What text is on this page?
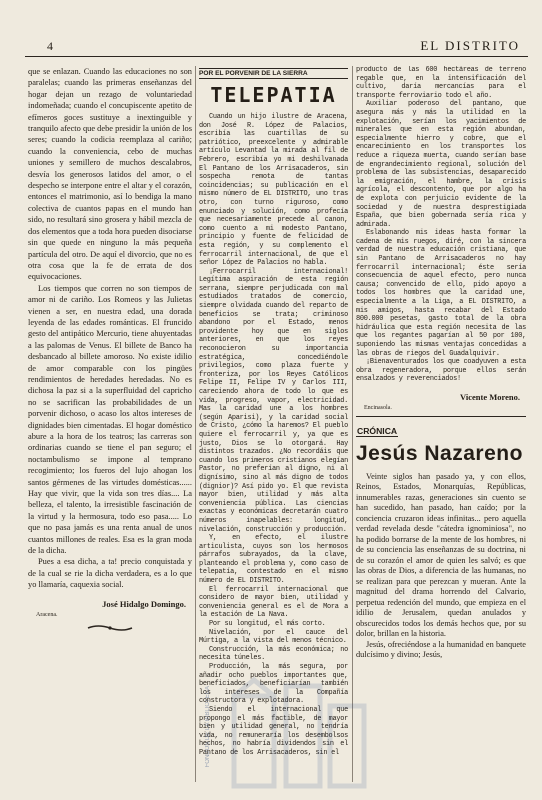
4	EL DISTRITO

que se enlazan. Cuando las educaciones no son paralelas; cuando las primeras enseñanzas del hogar dejan un rezago de voluntariedad indomeñada; cuando el concupiscente apetito de efímeros goces sustituye a inextinguible y tranquilo afecto que debe presidir la unión de los seres; cuando la codicia reemplaza al cariño; cuando la conveniencia, cebo de muchas uniones y semillero de muchos descalabros, desvía los generosos latidos del amor, o el despecho se interpone entre el altar y el corazón, entonces el matrimonio, así lo bendiga la mano colectiva de cuantos papas en el mundo han sido, no resultará sino grosera y hábil mezcla de dos elementos que a toda hora pueden disociarse sin que quede en ninguno la más pequeña partícula del otro. De aquí el divorcio, que no es otra cosa que la fe de errata de dos equivocaciones.

Los tiempos que corren no son tiempos de amor ni de cariño. Los Romeos y las Julietas vienen a ser, en nuestra edad, una dorada leyenda de las edades románticas. El fruncido gesto del antipático Mercurio, tiene ahuyentadas a las palomas de Venus. El billete de Banco ha desbancado al billete amoroso. No existe idilio de amor comparable con los pingües rendimientos de heredades heredadas. No es dichosa la paz si a la superfluidad del capricho no se sacrifican las probabilidades de un porvenir dichoso, o acaso los altos intereses de dignidades bien cimentadas. El hogar doméstico abure a la hora de los teatros; las carreras son ordinarias cuando se tiene el pan seguro; el noctambulismo se impone al temprano recogimiento; los fueros del lujo ahogan los santos gérmenes de las virtudes domésticas...... Hay que vivir, que la vida son tres días.... La belleza, el talento, la irresistible fascinación de la virtud y la hermosura, todo eso pasa..... Lo que no pasa jamás es una renta anual de unos cuantos millones de reales. Esa es la gran moda de la dicha.

Pues a esa dicha, a ta! precio conquistada y de la cual se rie la dicha verdadera, es a lo que yo llamaría, caquexia social.

José Hidalgo Domingo.
Aracena.
POR EL PORVENIR DE LA SIERRA
TELEPATIA

Cuando un hijo ilustre de Aracena, don José R. López de Palacios, escribía las cuartillas de su patriótico, preexcelente y admirable artículo Levantad la mirada al fil de Febrero, escribía yo mi deshilvanada El Pantano de los Arrisacaderos, sin sospecha remota de tantas coincidencias; su publicación en el mismo número de EL DISTRITO, uno tras otro, con turno riguroso, como enunciado y solución, como profecía que necesariamente precede al canon, como cuento a mi modesto Pantano, principio y fuente de felicidad de esta región, y su complemento el ferrocarril internacional, de que el señor López de Palacios no habla.

¡Ferrocarril internacional! Legítima aspiración de esta región serrana, siempre perjudicada con mal estudiados tratados de comercio, siempre olvidada cuando del reparto de beneficios se trata; criminoso abandono por el Estado, menos providente hoy que en siglos anteriores, en que los reyes reconocieron su importancia estratégica, concediéndole privilegios, como plaza fuerte y fronteriza, por los Reyes Católicos Felipe II, Felipe IV y Carlos III, careciendo ahora de todo lo que es vida, progreso, vapor, electricidad. Mas la caridad une a los hombres (según Aparisi), y la caridad social de Cristo, ¿cómo la haremos? El pueblo quiere el ferrocarril y, ya que es justo, Dios se lo otorgará. Hay distintos trazados. ¿No recordáis que cuando los primeros cristianos elegían Pastor, no preferían al digno, ni al dignísimo, sino al más digno de todos (dignior)? Así pido yo. El que revista mayor bien, utilidad y más alta conveniencia pública. Las ciencias exactas y económicas decretarán cuatro números inapelables: longitud, nivelación, construcción y producción.

Y, en efecto, el ilustre articulista, cuyos son los hermosos párrafos subrayados, da la clave, planteando el problema y, como caso de telepatía, contestado en el mismo número de EL DISTRITO.

El ferrocarril internacional que considero de mayor bien, utilidad y conveniencia general es el de Mora a la estación de La Nava.

Por su longitud, el más corto.

Nivelación, por el cauce del Múrtiga, a la vista del menos técnico.

Construcción, la más económica; no necesita túneles.

Producción, la más segura, por añadir ocho pueblos importantes que, beneficiados, beneficiarían también los intereses de la Compañía constructora y explotadora.

Siendo el internacional que propongo el más factible, de mayor bien y utilidad general, no tendría vida, no remuneraría los desembolsos hechos, no habría dividendos sin el Pantano de los Arrisacaderos, sin el

producto de las 600 hectáreas de terreno regable que, en la intensificación del cultivo, daría mercancías para el transporte ferroviario todo el año.

Auxiliar poderoso del pantano, que asegura más y más la utilidad en la explotación, serían los yacimientos de minerales que en esta región abundan, especialmente hierro y cobre, que el encarecimiento en los transportes los reduce a riqueza muerta, cuando serían base de engrandecimiento regional, solución del problema de las subsistencias, desaparecido la emigración, el hambre, la crisis agrícola, el descontento, que por algo ha de explota con perjuicio evidente de la sociedad y de nuestra desprestigiada España, que bien gobernada sería rica y admirada.

Eslabonando mis ideas hasta formar la cadena de mis ruegos, diré, con la sincera verdad de nuestra educación cristiana, que sin Pantano de Arrisacaderos no hay ferrocarril internacional; éste sería consecuencia de aquel efecto, pero nunca causa; convencido de ello, pido apoyo a todos los hombres que la caridad une, especialmente a la Liga, a EL DISTRITO, a mis amigos, hasta recabar del Estado 800.000 pesetas, gasto total de la obra hidráulica que esta región necesita de las que los regantes pagarían al 50 por 100, suponiendo las mismas ventajas concedidas a las obras de riegos del Guadalquivir.

¡Bienaventurados los que coadyuven a esta obra regeneradora, porque ellos serán ensalzados y reverenciados!

Vicente Moreno.
Encinasola.
CRÓNICA
Jesús Nazareno

Veinte siglos han pasado ya, y con ellos, Reinos, Estados, Monarquías, Repúblicas, innumerables razas, generaciones sin cuento se han sucedido, han pasado, han caído; por la conciencia cruzaron ideas infinitas... pero aquella verdad revelada desde "cátedra ignominiosa", no ha podido borrarse de la mente de los hombres, ni de su conciencia las enseñanzas de su doctrina, ni de su corazón el amor de quien les salvó; es que las obras de Dios, a diferencia de las humanas, no se realizan para que perezcan y mueran. Ante la magnitud del drama horrendo del Calvario, perpetua redención del mundo, que empieza en el idilio de Jerusalem, quedan anulados y obscurecidos todos los demás hechos que, por su dolor, brillan en la historia.

Jesús, ofreciéndose a la humanidad en banquete dulcísimo y divino; Jesús,

FONDOS DE LA BIBLIOTECA
